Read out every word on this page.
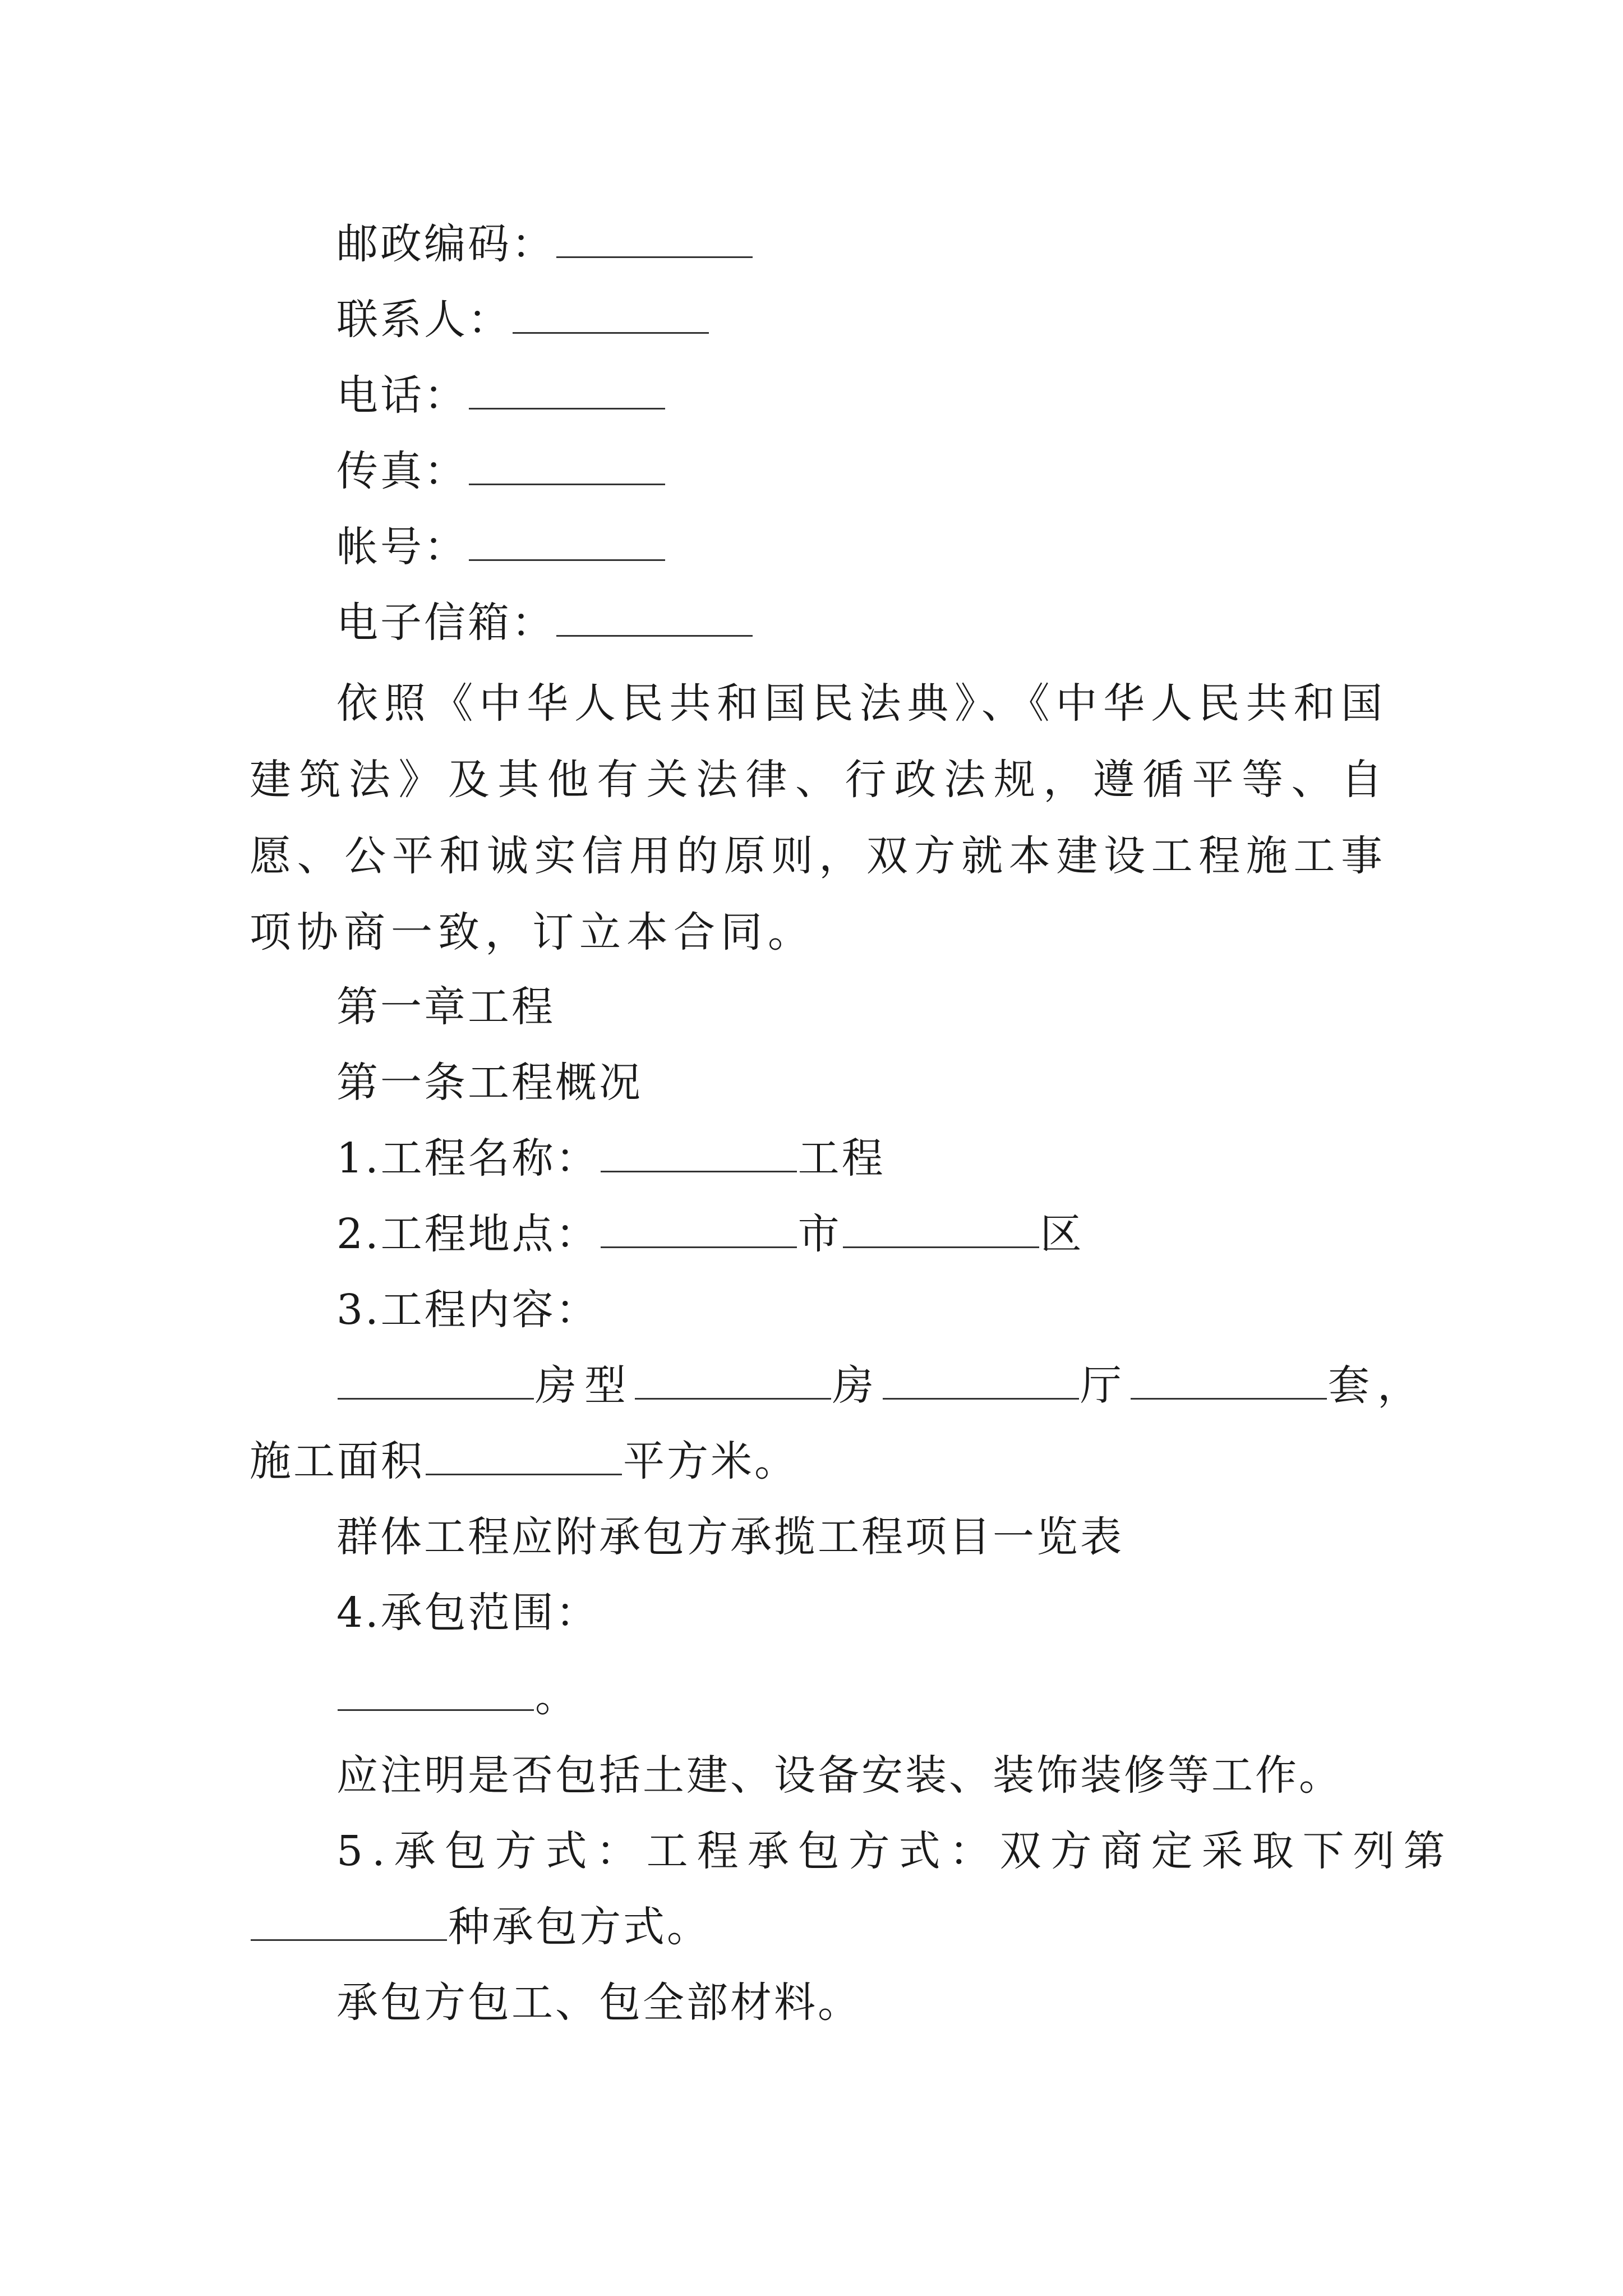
邮政编码：
联系人：
电话：
传真：
帐号：
电子信箱：
依照《中华人民共和国民法典》、《中华人民共和国建筑法》及其他有关法律、行政法规，遵循平等、自愿、公平和诚实信用的原则，双方就本建设工程施工事项协商一致，订立本合同。
第一章工程
第一条工程概况
1.工程名称：	工程
2.工程地点：	市	区
3.工程内容：
房型	房	厅	套，
施工面积	平方米。
群体工程应附承包方承揽工程项目一览表
4.承包范围：
。
应注明是否包括土建、设备安装、装饰装修等工作。
5.承包方式：工程承包方式：双方商定采取下列第
种承包方式。
承包方包工、包全部材料。
